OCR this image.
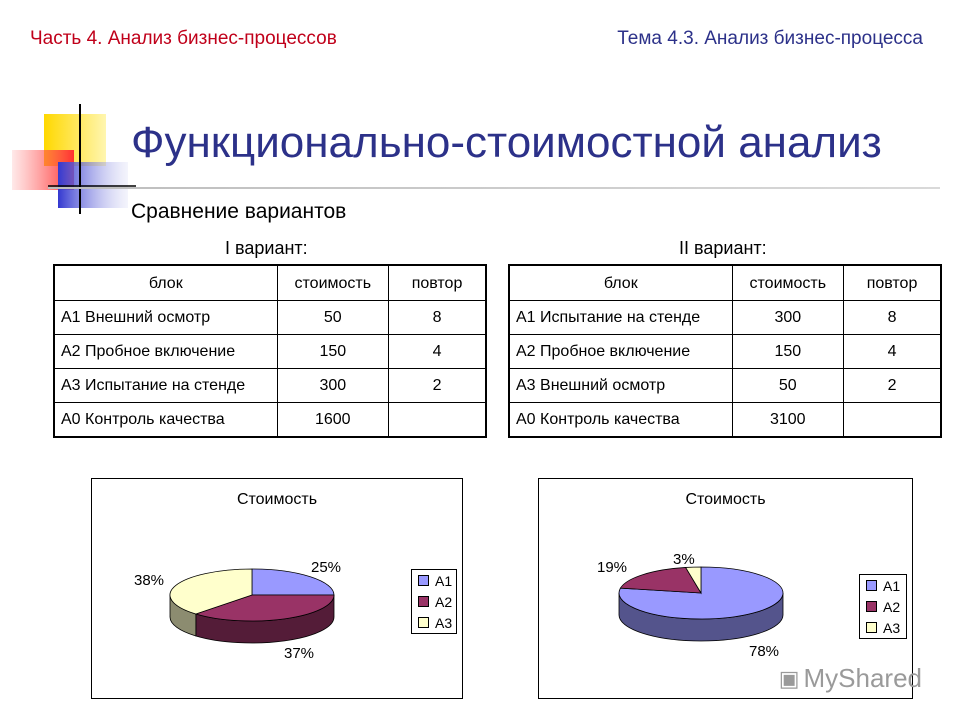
Часть 4. Анализ бизнес-процессов	Тема 4.3. Анализ бизнес-процесса
Функционально-стоимостной анализ
Сравнение вариантов
I вариант:	II вариант:
блок	стоимость	повтор
А1 Внешний осмотр	50	8
А2 Пробное включение	150	4
А3 Испытание на стенде	300	2
А0 Контроль качества	1600	
блок	стоимость	повтор
А1 Испытание на стенде	300	8
А2 Пробное включение	150	4
А3 Внешний осмотр	50	2
А0 Контроль качества	3100	
Стоимость
25%
37%
38%	А1
А2
А3
Стоимость
78%
19%	3%
А1
А2
А3
▣ MyShared
